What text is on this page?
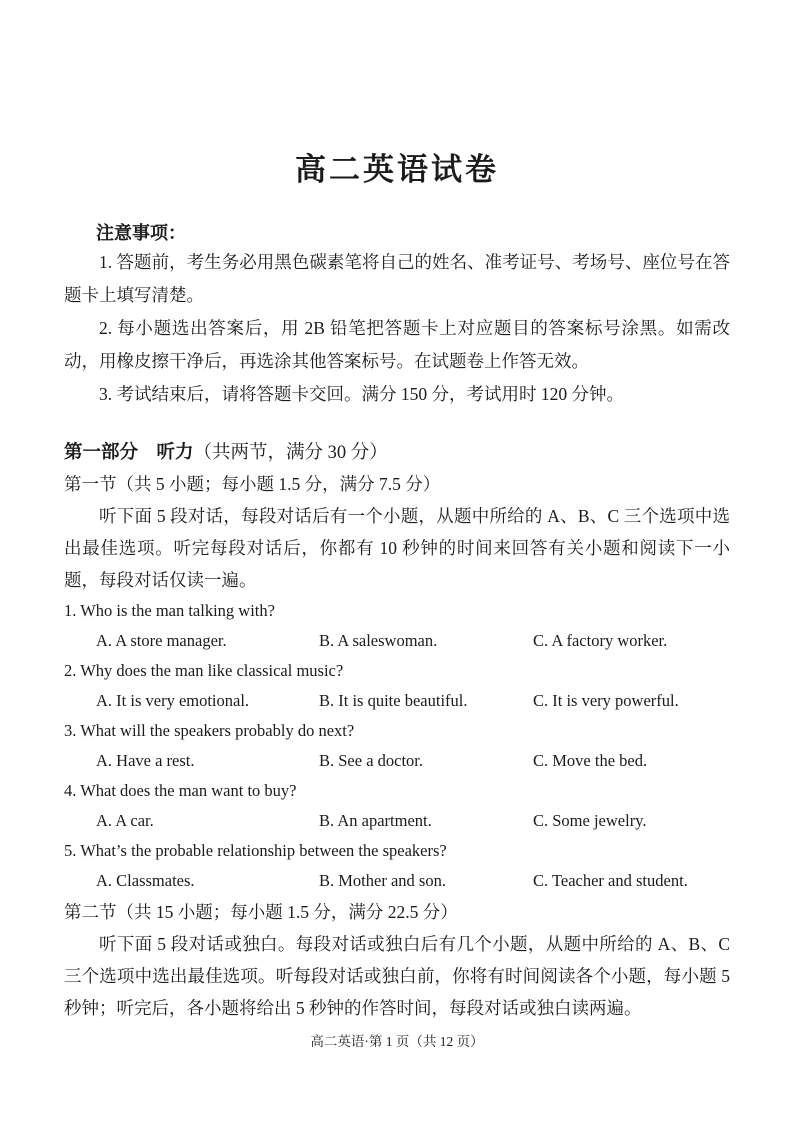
高二英语试卷
注意事项：

1. 答题前，考生务必用黑色碳素笔将自己的姓名、准考证号、考场号、座位号在答题卡上填写清楚。

2. 每小题选出答案后，用 2B 铅笔把答题卡上对应题目的答案标号涂黑。如需改动，用橡皮擦干净后，再选涂其他答案标号。在试题卷上作答无效。

3. 考试结束后，请将答题卡交回。满分 150 分，考试用时 120 分钟。

第一部分　听力（共两节，满分 30 分）
第一节（共 5 小题；每小题 1.5 分，满分 7.5 分）

听下面 5 段对话，每段对话后有一个小题，从题中所给的 A、B、C 三个选项中选出最佳选项。听完每段对话后，你都有 10 秒钟的时间来回答有关小题和阅读下一小题，每段对话仅读一遍。

1. Who is the man talking with?
A. A store manager.	B. A saleswoman.	C. A factory worker.
2. Why does the man like classical music?
A. It is very emotional.	B. It is quite beautiful.	C. It is very powerful.
3. What will the speakers probably do next?
A. Have a rest.	B. See a doctor.	C. Move the bed.
4. What does the man want to buy?
A. A car.	B. An apartment.	C. Some jewelry.
5. What’s the probable relationship between the speakers?
A. Classmates.	B. Mother and son.	C. Teacher and student.
第二节（共 15 小题；每小题 1.5 分，满分 22.5 分）

听下面 5 段对话或独白。每段对话或独白后有几个小题，从题中所给的 A、B、C 三个选项中选出最佳选项。听每段对话或独白前，你将有时间阅读各个小题，每小题 5 秒钟；听完后，各小题将给出 5 秒钟的作答时间，每段对话或独白读两遍。

高二英语·第 1 页（共 12 页）
